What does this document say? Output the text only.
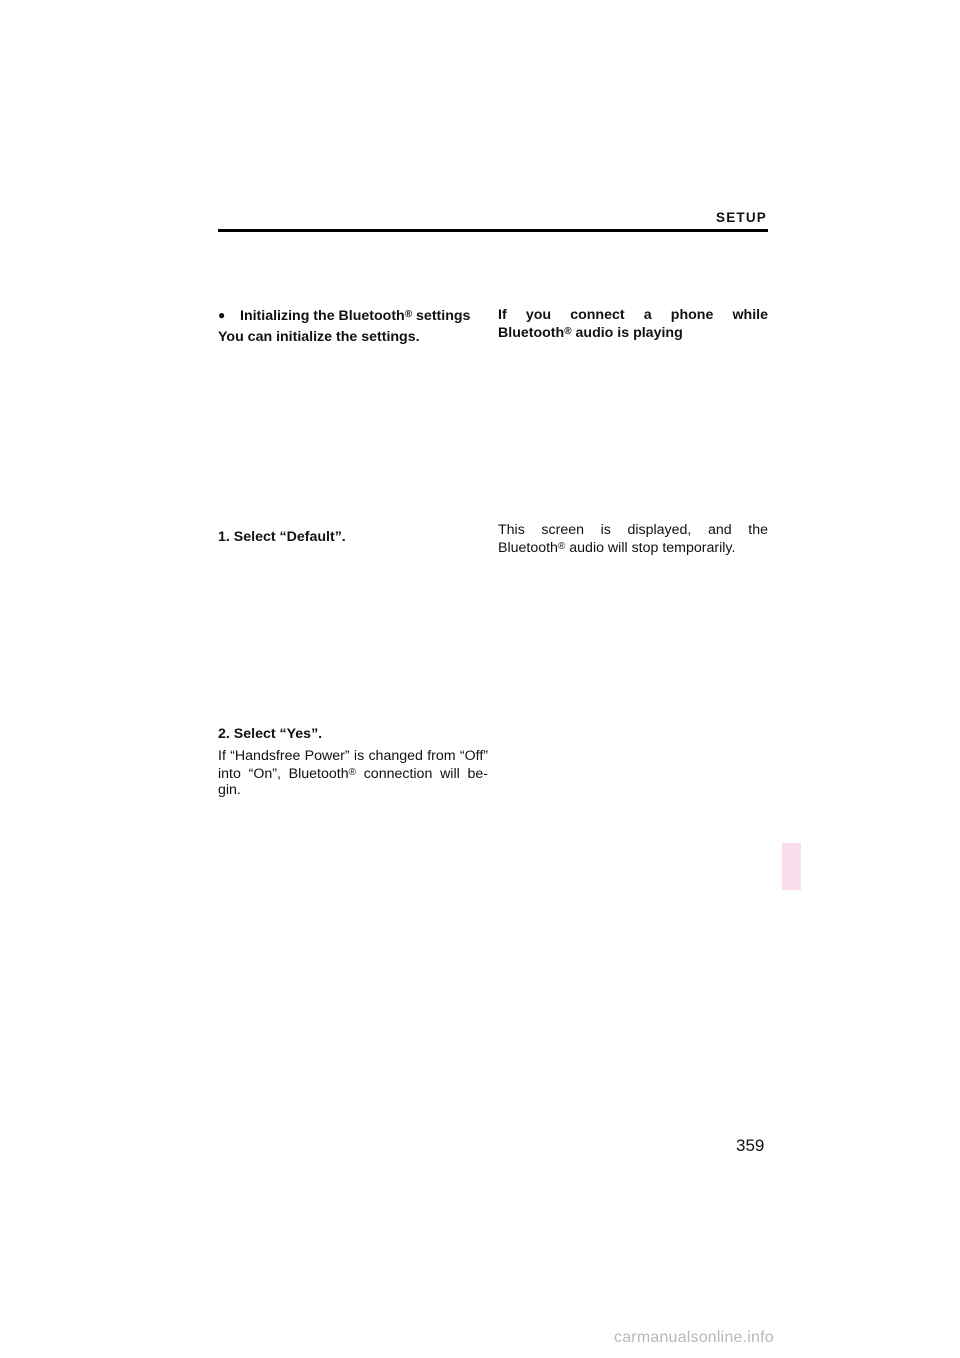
SETUP
● Initializing the Bluetooth® settings
You can initialize the settings.
1. Select “Default”.
2. Select “Yes”.
If “Handsfree Power” is changed from “Off”
into “On”, Bluetooth® connection will be-
gin.
If you connect a phone while
Bluetooth® audio is playing
This screen is displayed, and the
Bluetooth® audio will stop temporarily.
359
carmanualsonline.info
